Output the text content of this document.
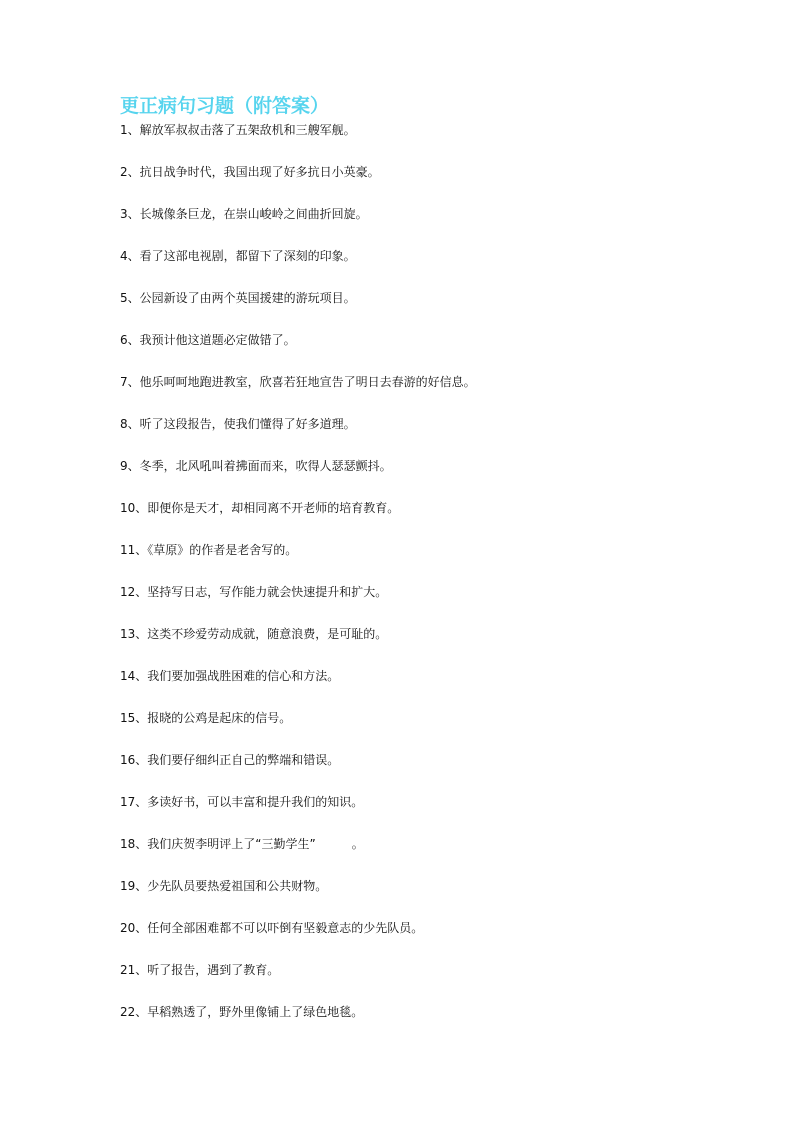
更正病句习题（附答案）
1、解放军叔叔击落了五架敌机和三艘军舰。
2、抗日战争时代，我国出现了好多抗日小英豪。
3、长城像条巨龙，在崇山峻岭之间曲折回旋。
4、看了这部电视剧，都留下了深刻的印象。
5、公园新设了由两个英国援建的游玩项目。
6、我预计他这道题必定做错了。
7、他乐呵呵地跑进教室，欣喜若狂地宣告了明日去春游的好信息。
8、听了这段报告，使我们懂得了好多道理。
9、冬季，北风吼叫着拂面而来，吹得人瑟瑟颤抖。
10、即便你是天才，却相同离不开老师的培育教育。
11、《草原》的作者是老舍写的。
12、坚持写日志，写作能力就会快速提升和扩大。
13、这类不珍爱劳动成就，随意浪费，是可耻的。
14、我们要加强战胜困难的信心和方法。
15、报晓的公鸡是起床的信号。
16、我们要仔细纠正自己的弊端和错误。
17、多读好书，可以丰富和提升我们的知识。
18、我们庆贺李明评上了“三勤学生”	。
19、少先队员要热爱祖国和公共财物。
20、任何全部困难都不可以吓倒有坚毅意志的少先队员。
21、听了报告，遇到了教育。
22、早稻熟透了，野外里像铺上了绿色地毯。
